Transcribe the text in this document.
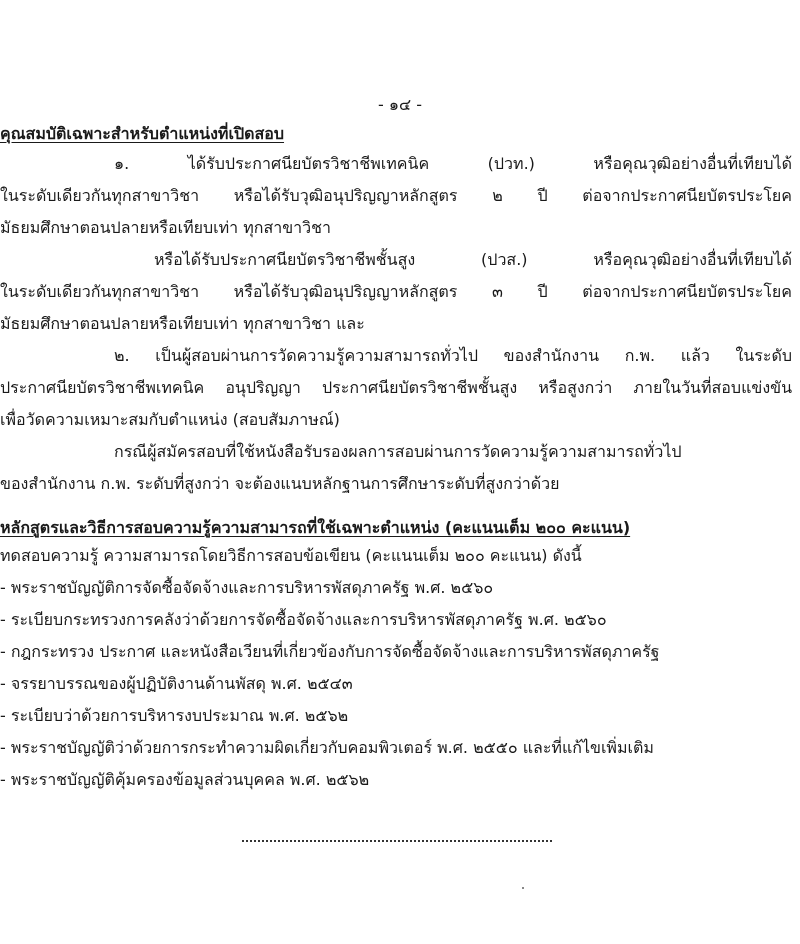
- ๑๔ -
คุณสมบัติเฉพาะสำหรับตำแหน่งที่เปิดสอบ
๑. ได้รับประกาศนียบัตรวิชาชีพเทคนิค (ปวท.) หรือคุณวุฒิอย่างอื่นที่เทียบได้
ในระดับเดียวกันทุกสาขาวิชา หรือได้รับวุฒิอนุปริญญาหลักสูตร ๒ ปี ต่อจากประกาศนียบัตรประโยค
มัธยมศึกษาตอนปลายหรือเทียบเท่า ทุกสาขาวิชา
หรือได้รับประกาศนียบัตรวิชาชีพชั้นสูง (ปวส.) หรือคุณวุฒิอย่างอื่นที่เทียบได้
ในระดับเดียวกันทุกสาขาวิชา หรือได้รับวุฒิอนุปริญญาหลักสูตร ๓ ปี ต่อจากประกาศนียบัตรประโยค
มัธยมศึกษาตอนปลายหรือเทียบเท่า ทุกสาขาวิชา และ
๒. เป็นผู้สอบผ่านการวัดความรู้ความสามารถทั่วไป ของสำนักงาน ก.พ. แล้ว ในระดับ
ประกาศนียบัตรวิชาชีพเทคนิค อนุปริญญา ประกาศนียบัตรวิชาชีพชั้นสูง หรือสูงกว่า ภายในวันที่สอบแข่งขัน
เพื่อวัดความเหมาะสมกับตำแหน่ง (สอบสัมภาษณ์)
กรณีผู้สมัครสอบที่ใช้หนังสือรับรองผลการสอบผ่านการวัดความรู้ความสามารถทั่วไป
ของสำนักงาน ก.พ. ระดับที่สูงกว่า จะต้องแนบหลักฐานการศึกษาระดับที่สูงกว่าด้วย
หลักสูตรและวิธีการสอบความรู้ความสามารถที่ใช้เฉพาะตำแหน่ง (คะแนนเต็ม ๒๐๐ คะแนน)
ทดสอบความรู้ ความสามารถโดยวิธีการสอบข้อเขียน (คะแนนเต็ม ๒๐๐ คะแนน) ดังนี้
- พระราชบัญญัติการจัดซื้อจัดจ้างและการบริหารพัสดุภาครัฐ พ.ศ. ๒๕๖๐
- ระเบียบกระทรวงการคลังว่าด้วยการจัดซื้อจัดจ้างและการบริหารพัสดุภาครัฐ พ.ศ. ๒๕๖๐
- กฎกระทรวง ประกาศ และหนังสือเวียนที่เกี่ยวข้องกับการจัดซื้อจัดจ้างและการบริหารพัสดุภาครัฐ
- จรรยาบรรณของผู้ปฏิบัติงานด้านพัสดุ พ.ศ. ๒๕๔๓
- ระเบียบว่าด้วยการบริหารงบประมาณ พ.ศ. ๒๕๖๒
- พระราชบัญญัติว่าด้วยการกระทำความผิดเกี่ยวกับคอมพิวเตอร์ พ.ศ. ๒๕๕๐ และที่แก้ไขเพิ่มเติม
- พระราชบัญญัติคุ้มครองข้อมูลส่วนบุคคล พ.ศ. ๒๕๖๒
